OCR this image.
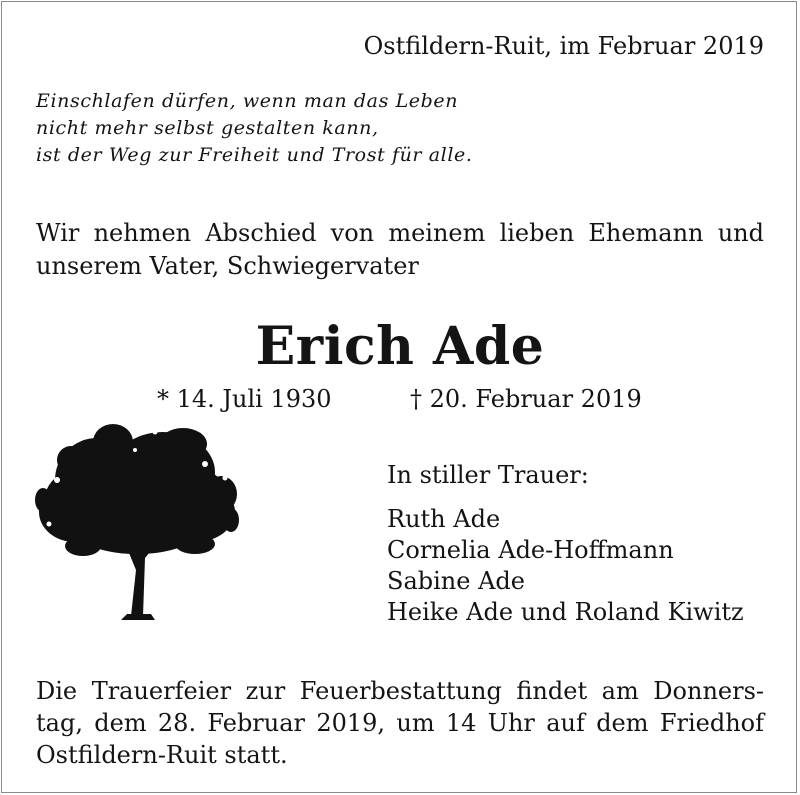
Ostfildern-Ruit, im Februar 2019
Einschlafen dürfen, wenn man das Leben
nicht mehr selbst gestalten kann,
ist der Weg zur Freiheit und Trost für alle.
Wir nehmen Abschied von meinem lieben Ehemann und
unserem Vater, Schwiegervater
Erich Ade
* 14. Juli 1930	† 20. Februar 2019
In stiller Trauer:
Ruth Ade
Cornelia Ade-Hoffmann
Sabine Ade
Heike Ade und Roland Kiwitz
Die Trauerfeier zur Feuerbestattung findet am Donners-
tag, dem 28. Februar 2019, um 14 Uhr auf dem Friedhof
Ostfildern-Ruit statt.
